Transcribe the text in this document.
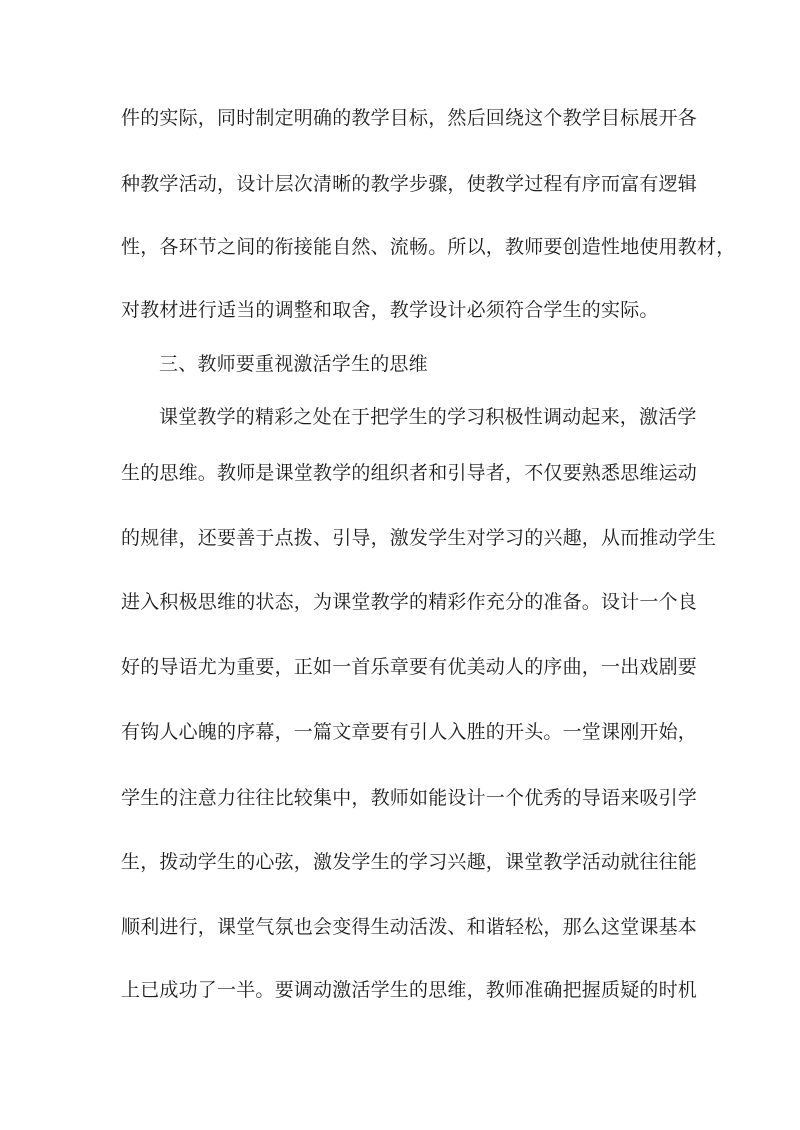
件的实际，同时制定明确的教学目标，然后回绕这个教学目标展开各
种教学活动，设计层次清晰的教学步骤，使教学过程有序而富有逻辑
性，各环节之间的衔接能自然、流畅。所以，教师要创造性地使用教材，
对教材进行适当的调整和取舍，教学设计必须符合学生的实际。
三、教师要重视激活学生的思维
课堂教学的精彩之处在于把学生的学习积极性调动起来，激活学
生的思维。教师是课堂教学的组织者和引导者，不仅要熟悉思维运动
的规律，还要善于点拨、引导，激发学生对学习的兴趣，从而推动学生
进入积极思维的状态，为课堂教学的精彩作充分的准备。设计一个良
好的导语尤为重要，正如一首乐章要有优美动人的序曲，一出戏剧要
有钩人心魄的序幕，一篇文章要有引人入胜的开头。一堂课刚开始，
学生的注意力往往比较集中，教师如能设计一个优秀的导语来吸引学
生，拨动学生的心弦，激发学生的学习兴趣，课堂教学活动就往往能
顺利进行，课堂气氛也会变得生动活泼、和谐轻松，那么这堂课基本
上已成功了一半。要调动激活学生的思维，教师准确把握质疑的时机
